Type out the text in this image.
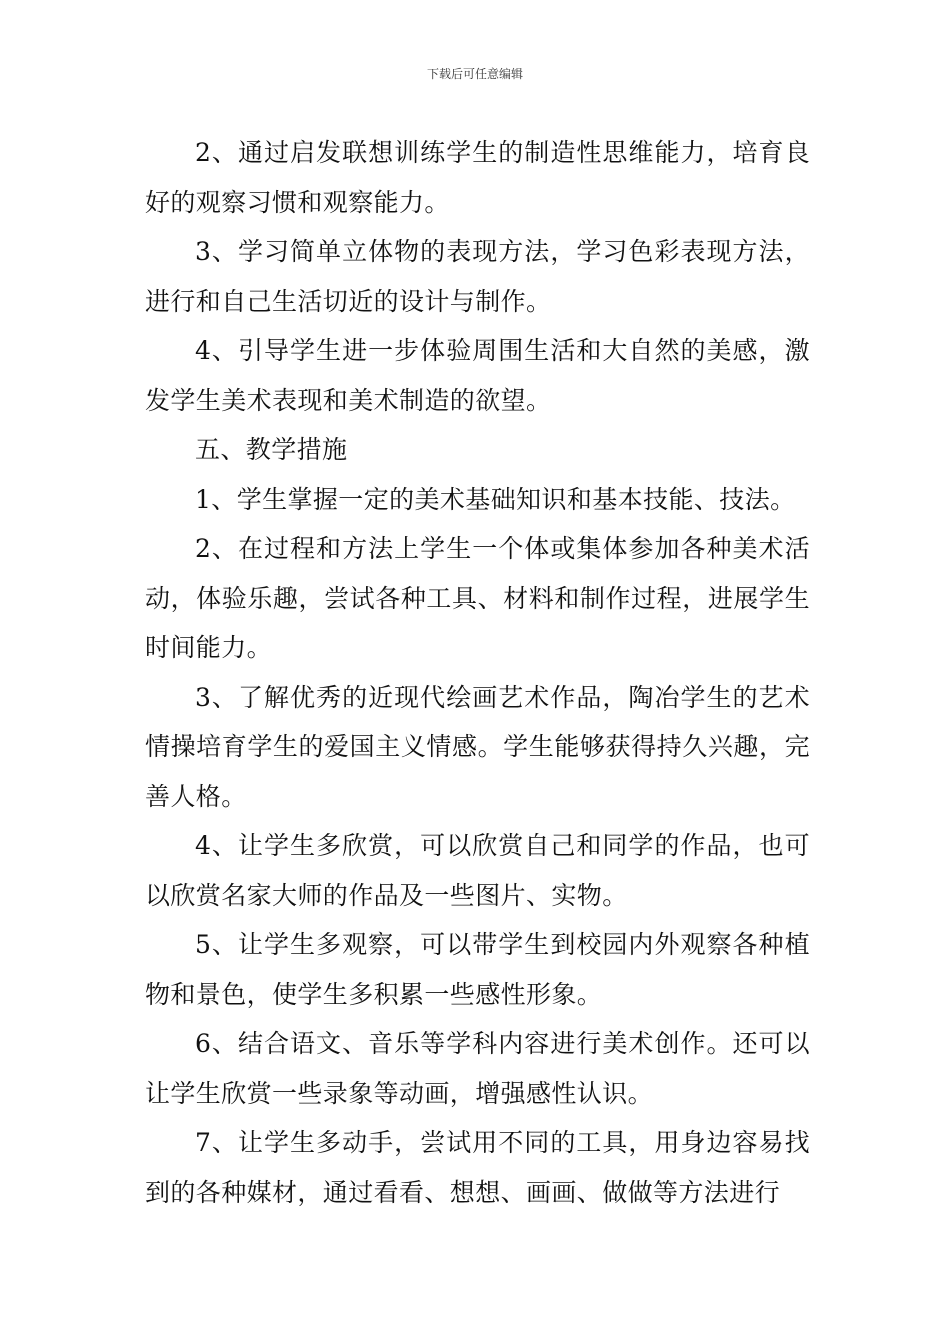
下载后可任意编辑

2、通过启发联想训练学生的制造性思维能力，培育良好的观察习惯和观察能力。

3、学习简单立体物的表现方法，学习色彩表现方法，进行和自己生活切近的设计与制作。

4、引导学生进一步体验周围生活和大自然的美感，激发学生美术表现和美术制造的欲望。

五、教学措施

1、学生掌握一定的美术基础知识和基本技能、技法。

2、在过程和方法上学生一个体或集体参加各种美术活动，体验乐趣，尝试各种工具、材料和制作过程，进展学生时间能力。

3、了解优秀的近现代绘画艺术作品，陶冶学生的艺术情操培育学生的爱国主义情感。学生能够获得持久兴趣，完善人格。

4、让学生多欣赏，可以欣赏自己和同学的作品，也可以欣赏名家大师的作品及一些图片、实物。

5、让学生多观察，可以带学生到校园内外观察各种植物和景色，使学生多积累一些感性形象。

6、结合语文、音乐等学科内容进行美术创作。还可以让学生欣赏一些录象等动画，增强感性认识。

7、让学生多动手，尝试用不同的工具，用身边容易找到的各种媒材，通过看看、想想、画画、做做等方法进行
